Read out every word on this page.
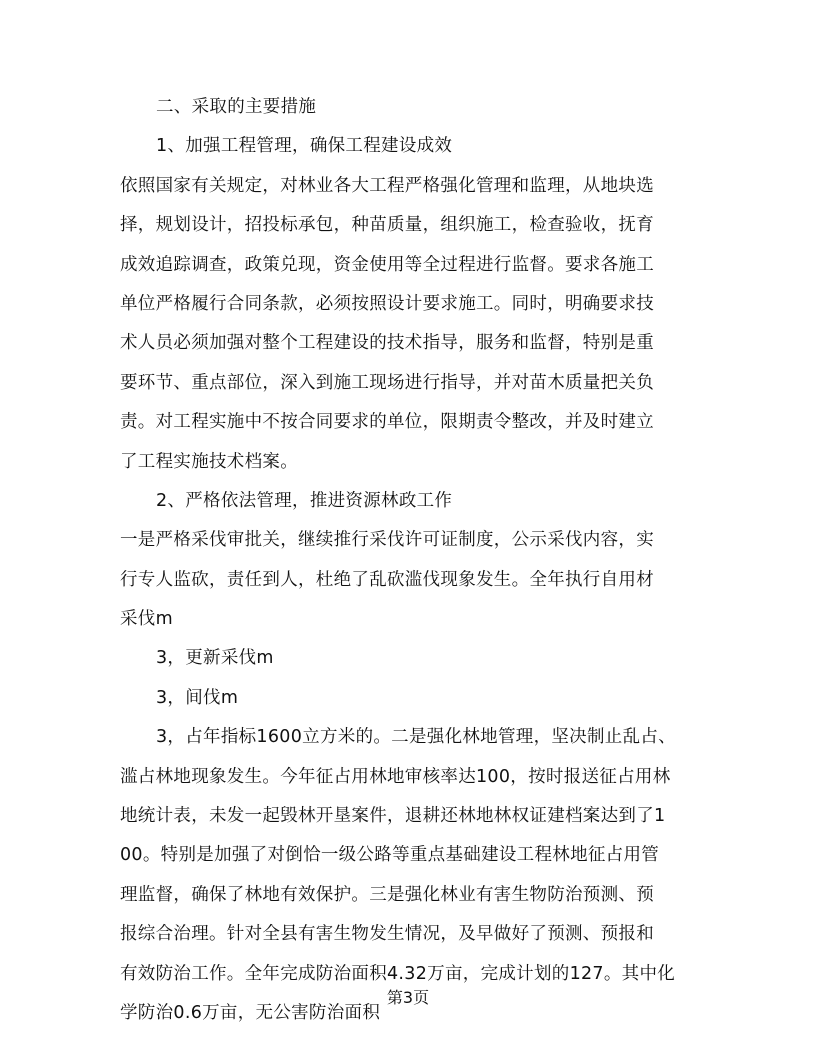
二、采取的主要措施
1、加强工程管理，确保工程建设成效
依照国家有关规定，对林业各大工程严格强化管理和监理，从地块选
择，规划设计，招投标承包，种苗质量，组织施工，检查验收，抚育
成效追踪调查，政策兑现，资金使用等全过程进行监督。要求各施工
单位严格履行合同条款，必须按照设计要求施工。同时，明确要求技
术人员必须加强对整个工程建设的技术指导，服务和监督，特别是重
要环节、重点部位，深入到施工现场进行指导，并对苗木质量把关负
责。对工程实施中不按合同要求的单位，限期责令整改，并及时建立
了工程实施技术档案。
2、严格依法管理，推进资源林政工作
一是严格采伐审批关，继续推行采伐许可证制度，公示采伐内容，实
行专人监砍，责任到人，杜绝了乱砍滥伐现象发生。全年执行自用材
采伐m
3，更新采伐m
3，间伐m
3，占年指标1600立方米的。二是强化林地管理，坚决制止乱占、
滥占林地现象发生。今年征占用林地审核率达100，按时报送征占用林
地统计表，未发一起毁林开垦案件，退耕还林地林权证建档案达到了1
00。特别是加强了对倒恰一级公路等重点基础建设工程林地征占用管
理监督，确保了林地有效保护。三是强化林业有害生物防治预测、预
报综合治理。针对全县有害生物发生情况，及早做好了预测、预报和
有效防治工作。全年完成防治面积4.32万亩，完成计划的127。其中化
学防治0.6万亩，无公害防治面积
第3页
